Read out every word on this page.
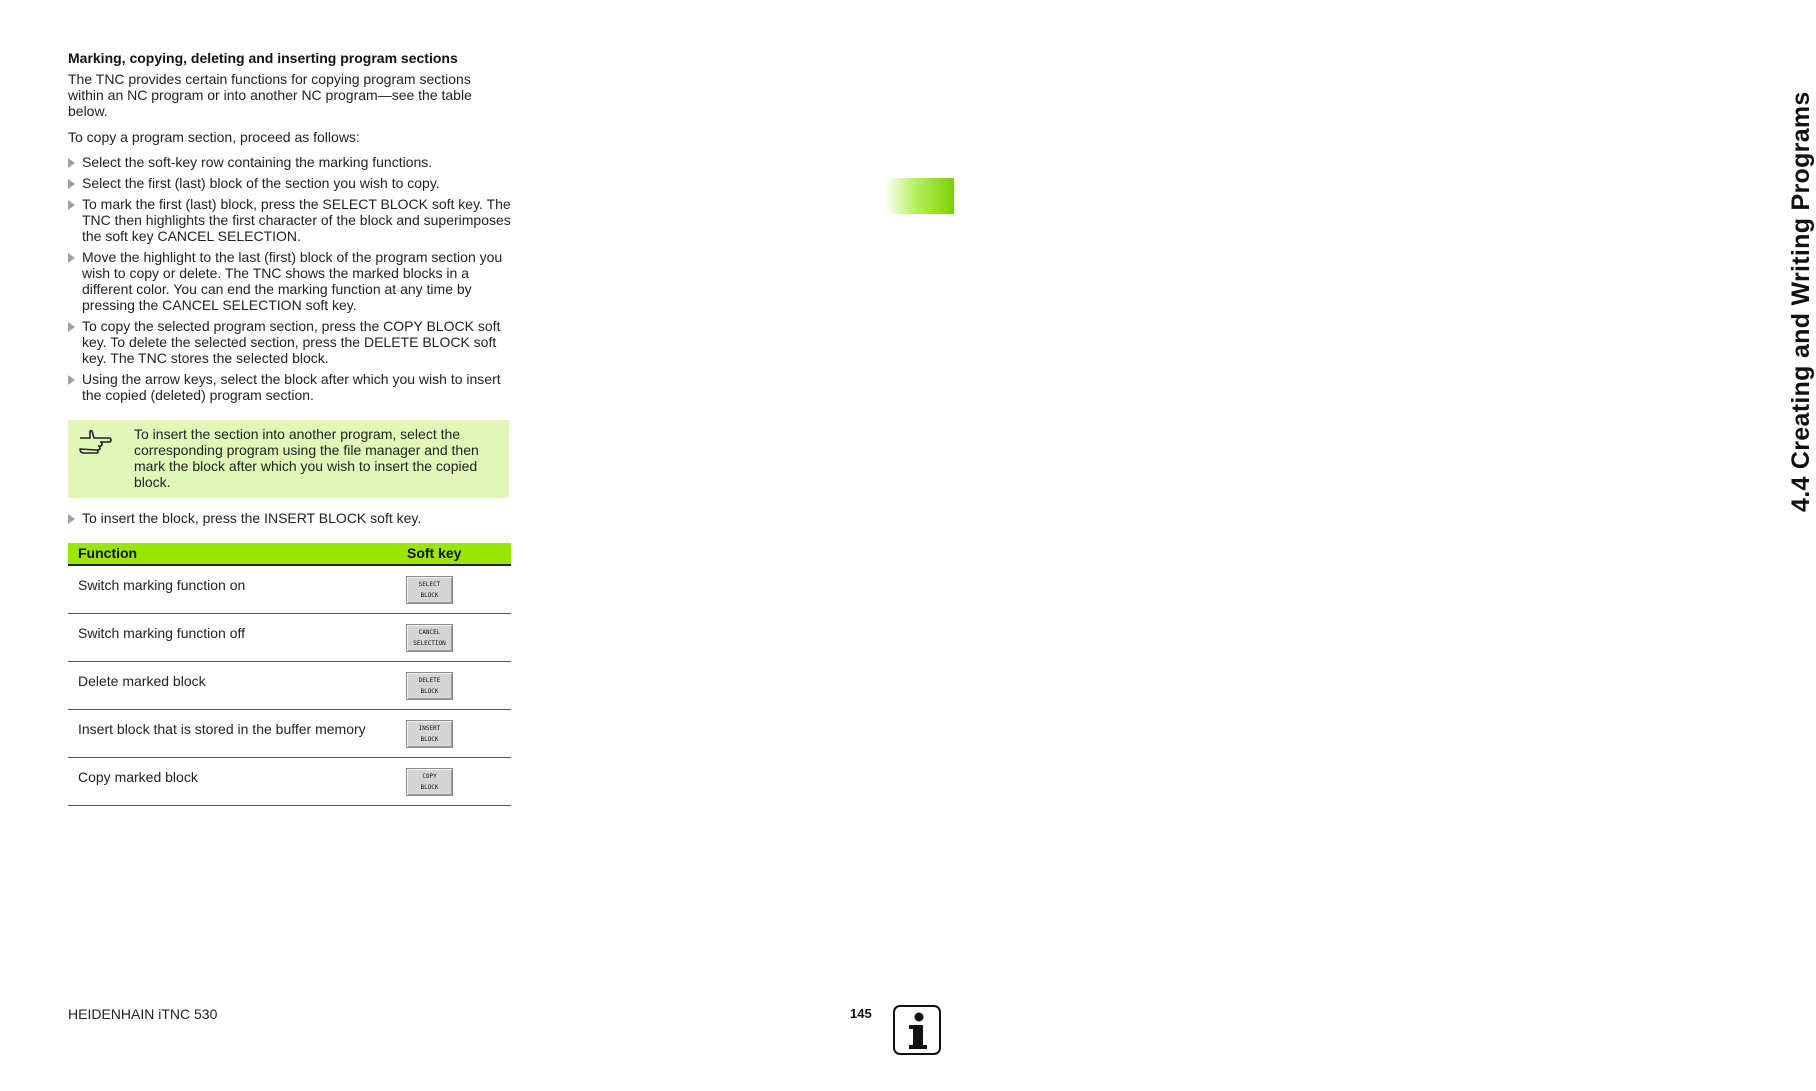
Marking, copying, deleting and inserting program sections
The TNC provides certain functions for copying program sections within an NC program or into another NC program—see the table below.
To copy a program section, proceed as follows:
Select the soft-key row containing the marking functions.
Select the first (last) block of the section you wish to copy.
To mark the first (last) block, press the SELECT BLOCK soft key. The TNC then highlights the first character of the block and superimposes the soft key CANCEL SELECTION.
Move the highlight to the last (first) block of the program section you wish to copy or delete. The TNC shows the marked blocks in a different color. You can end the marking function at any time by pressing the CANCEL SELECTION soft key.
To copy the selected program section, press the COPY BLOCK soft key. To delete the selected section, press the DELETE BLOCK soft key. The TNC stores the selected block.
Using the arrow keys, select the block after which you wish to insert the copied (deleted) program section.
To insert the section into another program, select the corresponding program using the file manager and then mark the block after which you wish to insert the copied block.
To insert the block, press the INSERT BLOCK soft key.
Function	Soft key
Switch marking function on	SELECT
BLOCK
Switch marking function off	CANCEL
SELECTION
Delete marked block	DELETE
BLOCK
Insert block that is stored in the buffer memory	INSERT
BLOCK
Copy marked block	COPY
BLOCK
4.4 Creating and Writing Programs
HEIDENHAIN iTNC 530	145
